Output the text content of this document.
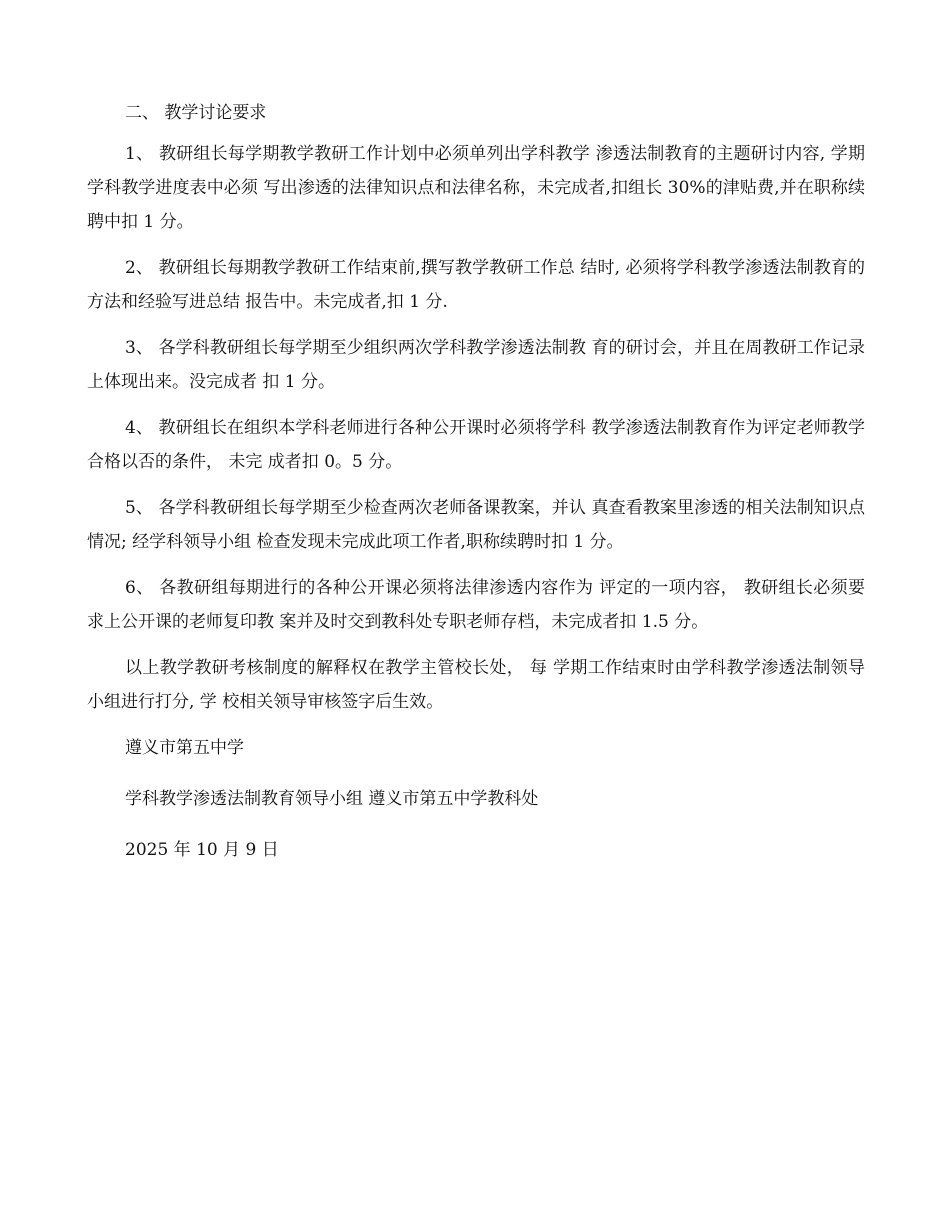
二、 教学讨论要求

1、 教研组长每学期教学教研工作计划中必须单列出学科教学 渗透法制教育的主题研讨内容, 学期学科教学进度表中必须 写出渗透的法律知识点和法律名称，未完成者,扣组长 30%的津贴费,并在职称续聘中扣 1 分。

2、 教研组长每期教学教研工作结束前,撰写教学教研工作总 结时, 必须将学科教学渗透法制教育的方法和经验写进总结 报告中。未完成者,扣 1 分.

3、 各学科教研组长每学期至少组织两次学科教学渗透法制教 育的研讨会，并且在周教研工作记录上体现出来。没完成者 扣 1 分。

4、 教研组长在组织本学科老师进行各种公开课时必须将学科 教学渗透法制教育作为评定老师教学合格以否的条件， 未完 成者扣 0。5 分。

5、 各学科教研组长每学期至少检查两次老师备课教案，并认 真查看教案里渗透的相关法制知识点情况; 经学科领导小组 检查发现未完成此项工作者,职称续聘时扣 1 分。

6、 各教研组每期进行的各种公开课必须将法律渗透内容作为 评定的一项内容， 教研组长必须要求上公开课的老师复印教 案并及时交到教科处专职老师存档，未完成者扣 1.5 分。

以上教学教研考核制度的解释权在教学主管校长处， 每 学期工作结束时由学科教学渗透法制领导小组进行打分, 学 校相关领导审核签字后生效。

遵义市第五中学
学科教学渗透法制教育领导小组 遵义市第五中学教科处
2025 年 10 月 9 日
